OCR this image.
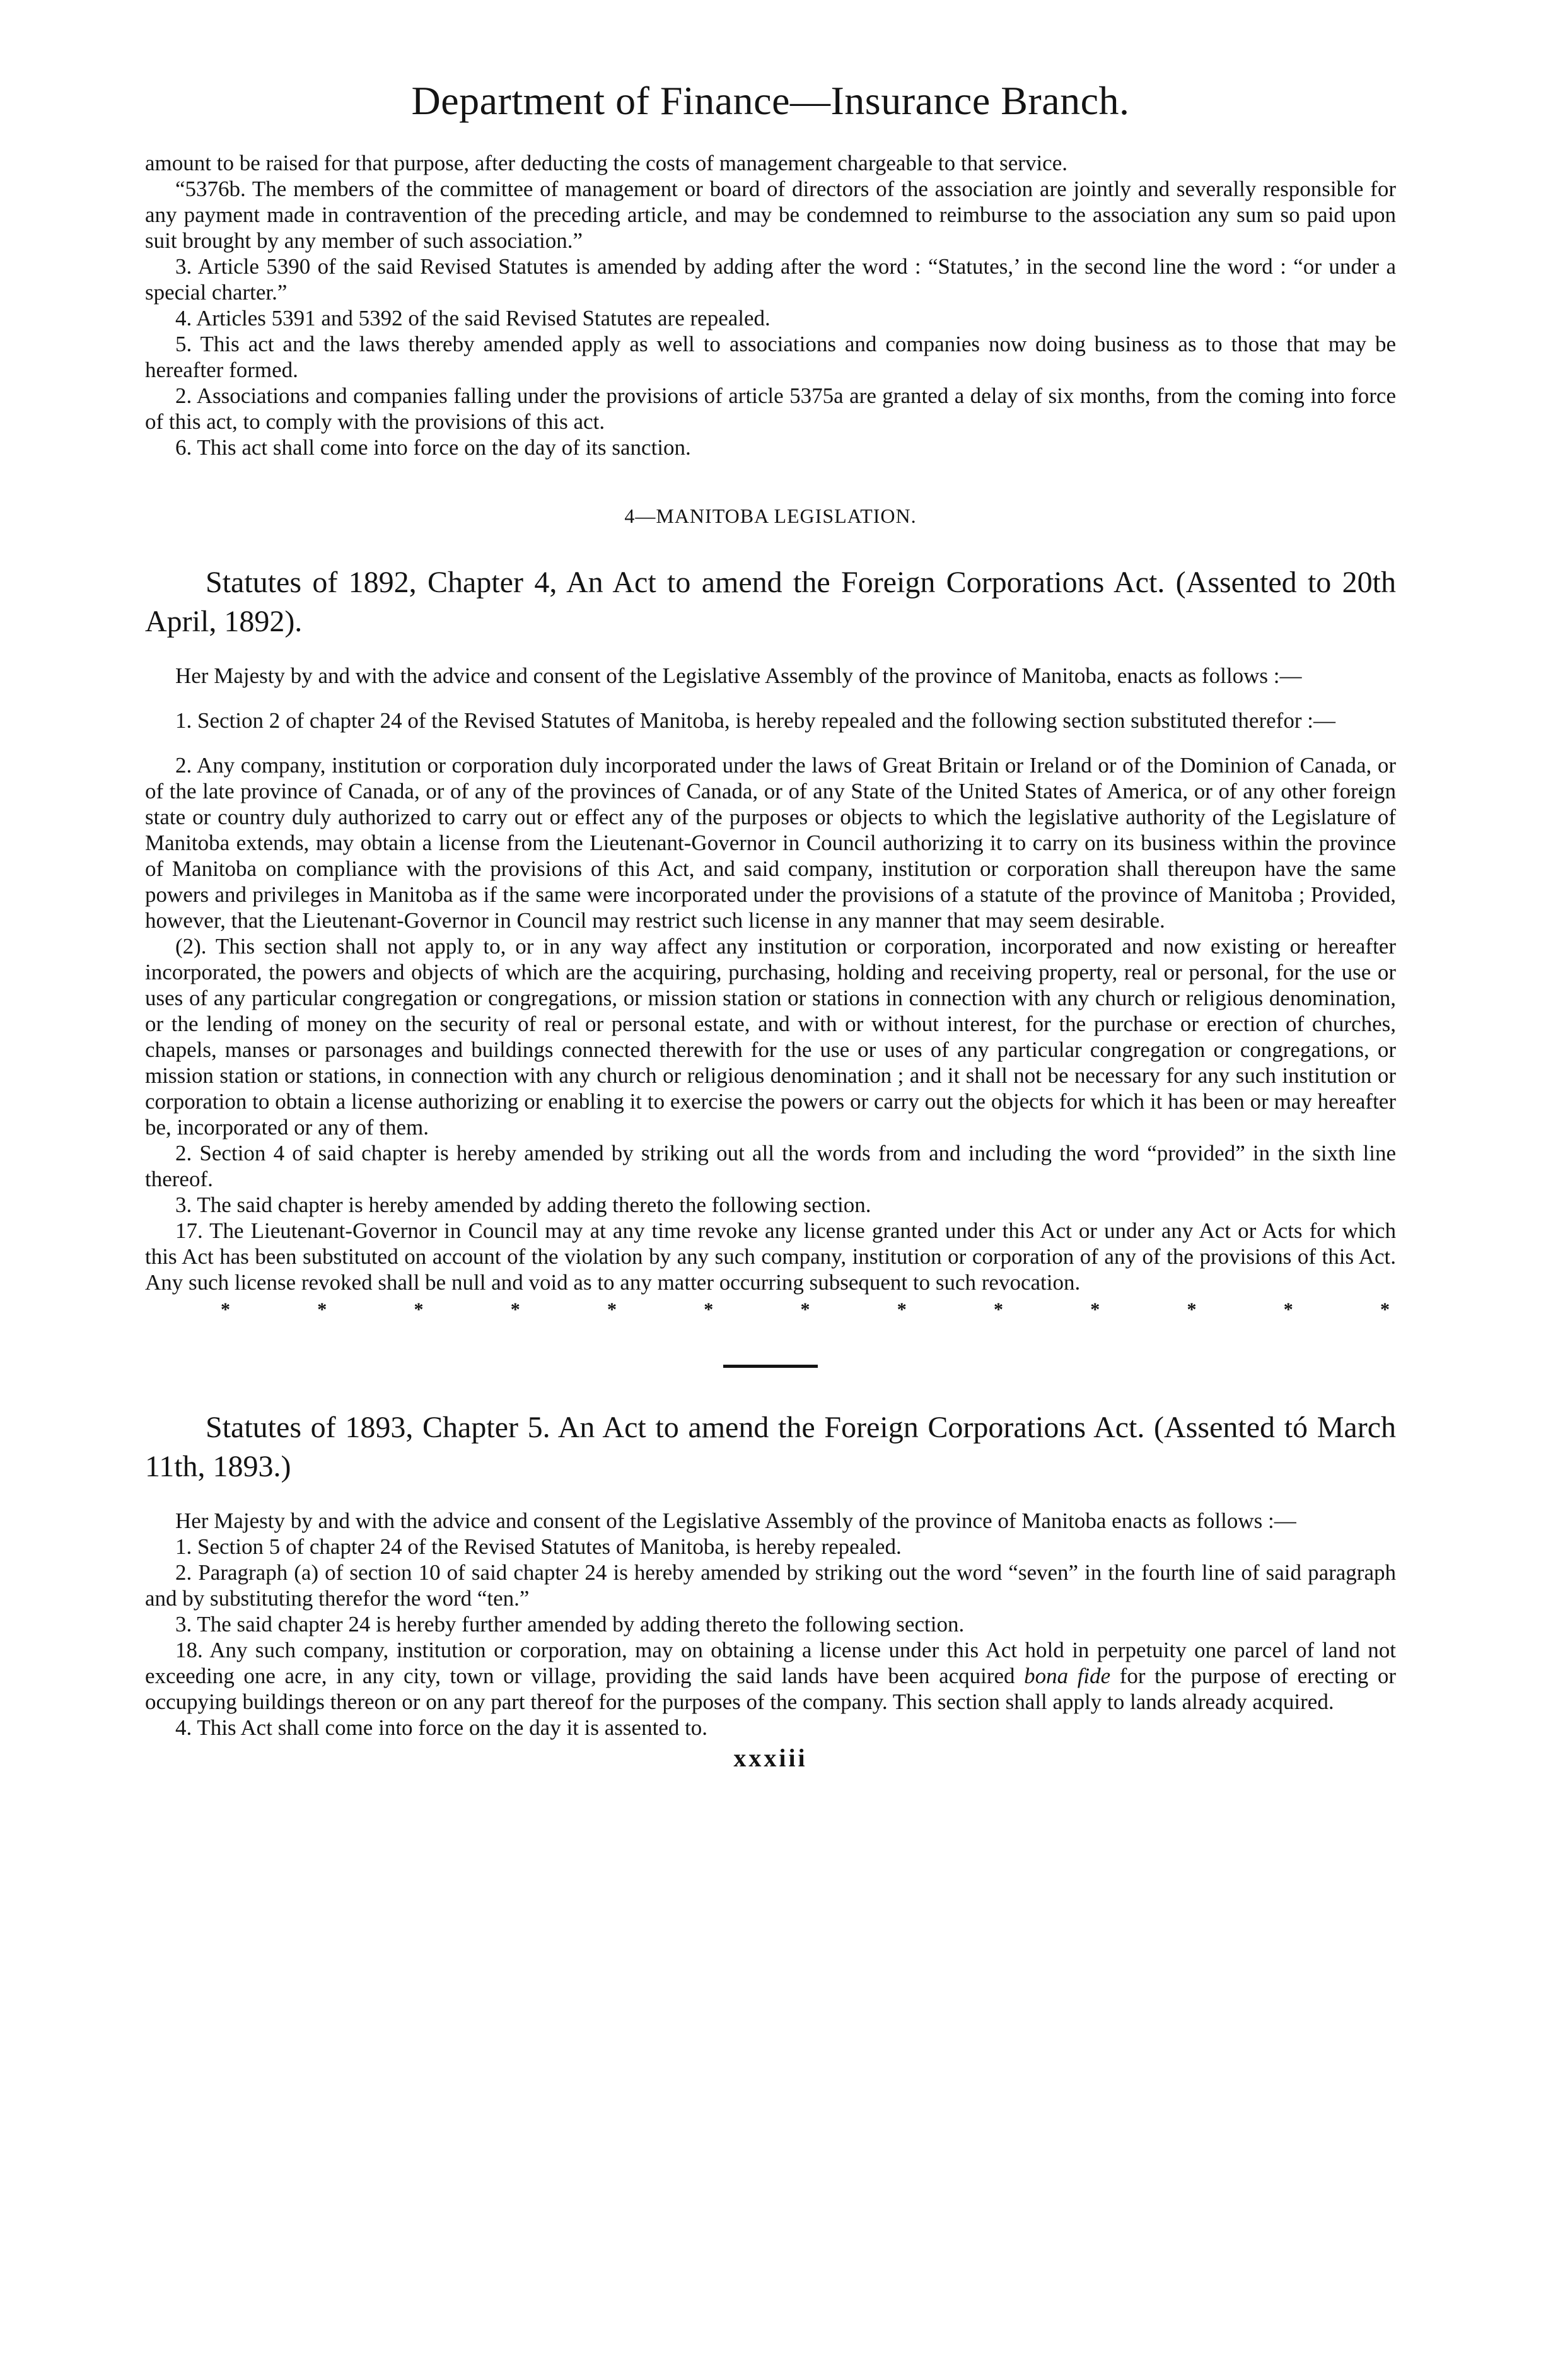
Department of Finance—Insurance Branch.

amount to be raised for that purpose, after deducting the costs of management chargeable to that service.

“5376b. The members of the committee of management or board of directors of the association are jointly and severally responsible for any payment made in contravention of the preceding article, and may be condemned to reimburse to the association any sum so paid upon suit brought by any member of such association.”

3. Article 5390 of the said Revised Statutes is amended by adding after the word : “Statutes,’ in the second line the word : “or under a special charter.”

4. Articles 5391 and 5392 of the said Revised Statutes are repealed.

5. This act and the laws thereby amended apply as well to associations and companies now doing business as to those that may be hereafter formed.

2. Associations and companies falling under the provisions of article 5375a are granted a delay of six months, from the coming into force of this act, to comply with the provisions of this act.

6. This act shall come into force on the day of its sanction.

4—MANITOBA LEGISLATION.
Statutes of 1892, Chapter 4, An Act to amend the Foreign Corporations Act. (Assented to 20th April, 1892).

Her Majesty by and with the advice and consent of the Legislative Assembly of the province of Manitoba, enacts as follows :—

1. Section 2 of chapter 24 of the Revised Statutes of Manitoba, is hereby repealed and the following section substituted therefor :—

2. Any company, institution or corporation duly incorporated under the laws of Great Britain or Ireland or of the Dominion of Canada, or of the late province of Canada, or of any of the provinces of Canada, or of any State of the United States of America, or of any other foreign state or country duly authorized to carry out or effect any of the purposes or objects to which the legislative authority of the Legislature of Manitoba extends, may obtain a license from the Lieutenant-Governor in Council authorizing it to carry on its business within the province of Manitoba on compliance with the provisions of this Act, and said company, institution or corporation shall thereupon have the same powers and privileges in Manitoba as if the same were incorporated under the provisions of a statute of the province of Manitoba ; Provided, however, that the Lieutenant-Governor in Council may restrict such license in any manner that may seem desirable.

(2). This section shall not apply to, or in any way affect any institution or corporation, incorporated and now existing or hereafter incorporated, the powers and objects of which are the acquiring, purchasing, holding and receiving property, real or personal, for the use or uses of any particular congregation or congregations, or mission station or stations in connection with any church or religious denomination, or the lending of money on the security of real or personal estate, and with or without interest, for the purchase or erection of churches, chapels, manses or parsonages and buildings connected therewith for the use or uses of any particular congregation or congregations, or mission station or stations, in connection with any church or religious denomination ; and it shall not be necessary for any such institution or corporation to obtain a license authorizing or enabling it to exercise the powers or carry out the objects for which it has been or may hereafter be, incorporated or any of them.

2. Section 4 of said chapter is hereby amended by striking out all the words from and including the word “provided” in the sixth line thereof.

3. The said chapter is hereby amended by adding thereto the following section.

17. The Lieutenant-Governor in Council may at any time revoke any license granted under this Act or under any Act or Acts for which this Act has been substituted on account of the violation by any such company, institution or corporation of any of the provisions of this Act. Any such license revoked shall be null and void as to any matter occurring subsequent to such revocation.

*	*	*	*	*	*	*	*	*	*	*	*	*
Statutes of 1893, Chapter 5. An Act to amend the Foreign Corporations Act. (Assented tó March 11th, 1893.)

Her Majesty by and with the advice and consent of the Legislative Assembly of the province of Manitoba enacts as follows :—

1. Section 5 of chapter 24 of the Revised Statutes of Manitoba, is hereby repealed.

2. Paragraph (a) of section 10 of said chapter 24 is hereby amended by striking out the word “seven” in the fourth line of said paragraph and by substituting therefor the word “ten.”

3. The said chapter 24 is hereby further amended by adding thereto the following section.

18. Any such company, institution or corporation, may on obtaining a license under this Act hold in perpetuity one parcel of land not exceeding one acre, in any city, town or village, providing the said lands have been acquired bona fide for the purpose of erecting or occupying buildings thereon or on any part thereof for the purposes of the company. This section shall apply to lands already acquired.

4. This Act shall come into force on the day it is assented to.

xxxiii
